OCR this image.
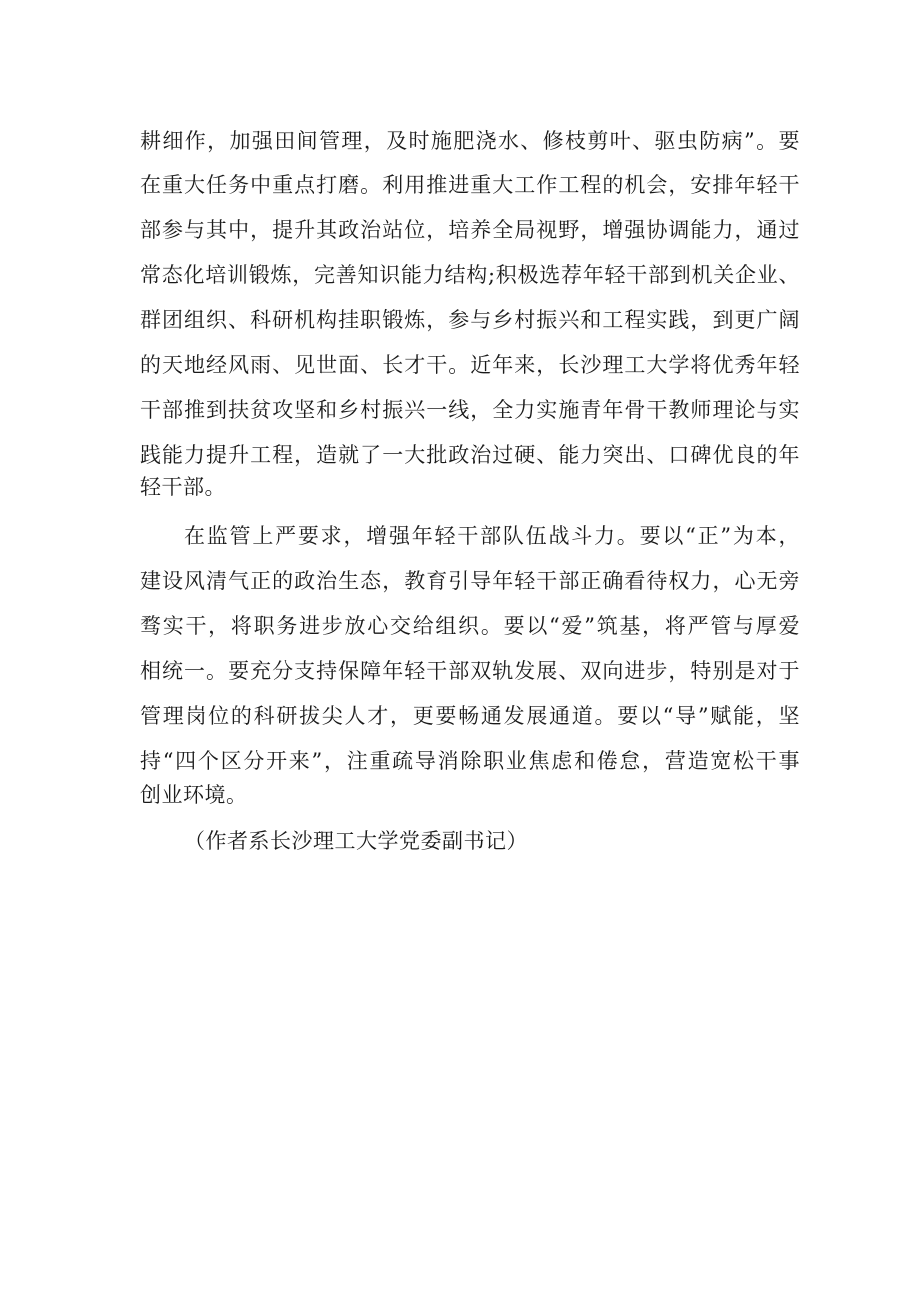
耕细作，加强田间管理，及时施肥浇水、修枝剪叶、驱虫防病”。要
在重大任务中重点打磨。利用推进重大工作工程的机会，安排年轻干
部参与其中，提升其政治站位，培养全局视野，增强协调能力，通过
常态化培训锻炼，完善知识能力结构;积极选荐年轻干部到机关企业、
群团组织、科研机构挂职锻炼，参与乡村振兴和工程实践，到更广阔
的天地经风雨、见世面、长才干。近年来，长沙理工大学将优秀年轻
干部推到扶贫攻坚和乡村振兴一线，全力实施青年骨干教师理论与实
践能力提升工程，造就了一大批政治过硬、能力突出、口碑优良的年
轻干部。
在监管上严要求，增强年轻干部队伍战斗力。要以“正”为本，
建设风清气正的政治生态，教育引导年轻干部正确看待权力，心无旁
骛实干，将职务进步放心交给组织。要以“爱”筑基，将严管与厚爱
相统一。要充分支持保障年轻干部双轨发展、双向进步，特别是对于
管理岗位的科研拔尖人才，更要畅通发展通道。要以“导”赋能，坚
持“四个区分开来”，注重疏导消除职业焦虑和倦怠，营造宽松干事
创业环境。
（作者系长沙理工大学党委副书记）
